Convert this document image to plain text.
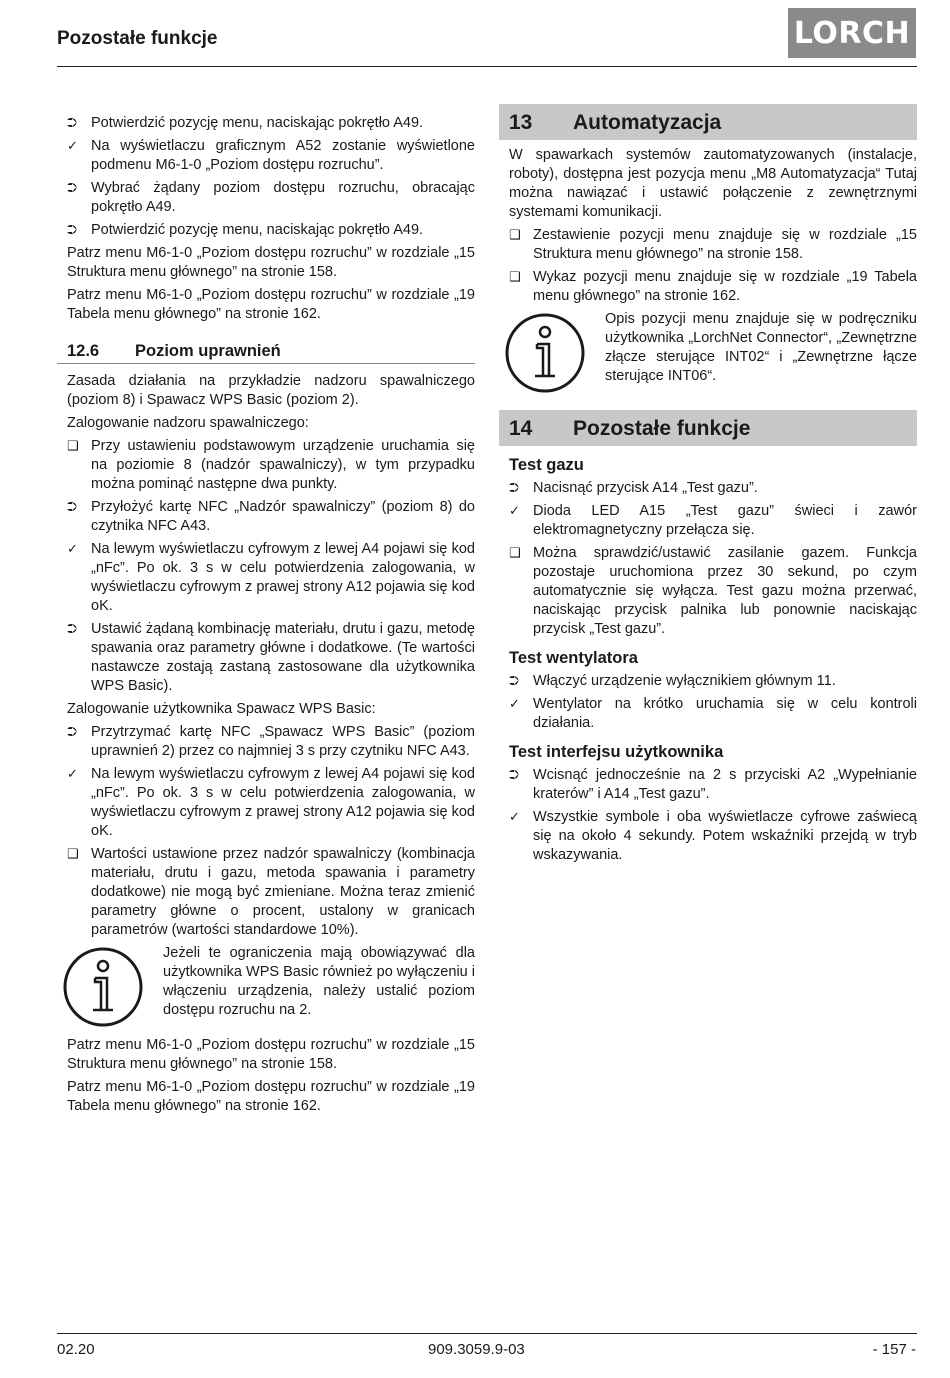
Pozostałe funkcje	LORCH
⮊ Potwierdzić pozycję menu, naciskając pokrętło A49.
✓ Na wyświetlaczu graficznym A52 zostanie wyświetlone podmenu M6-1-0 „Poziom dostępu rozruchu”.
⮊ Wybrać żądany poziom dostępu rozruchu, obracając pokrętło A49.
⮊ Potwierdzić pozycję menu, naciskając pokrętło A49.
Patrz menu M6-1-0 „Poziom dostępu rozruchu” w rozdziale „15 Struktura menu głównego” na stronie 158.
Patrz menu M6-1-0 „Poziom dostępu rozruchu” w rozdziale „19 Tabela menu głównego” na stronie 162.
12.6 Poziom uprawnień
Zasada działania na przykładzie nadzoru spawalniczego (poziom 8) i Spawacz WPS Basic (poziom 2).
Zalogowanie nadzoru spawalniczego:
❑ Przy ustawieniu podstawowym urządzenie uruchamia się na poziomie 8 (nadzór spawalniczy), w tym przypadku można pominąć następne dwa punkty.
⮊ Przyłożyć kartę NFC „Nadzór spawalniczy” (poziom 8) do czytnika NFC A43.
✓ Na lewym wyświetlaczu cyfrowym z lewej A4 pojawi się kod „nFc”. Po ok. 3 s w celu potwierdzenia zalogowania, w wyświetlaczu cyfrowym z prawej strony A12 pojawia się kod oK.
⮊ Ustawić żądaną kombinację materiału, drutu i gazu, metodę spawania oraz parametry główne i dodatkowe. (Te wartości nastawcze zostają zastaną zastosowane dla użytkownika WPS Basic).
Zalogowanie użytkownika Spawacz WPS Basic:
⮊ Przytrzymać kartę NFC „Spawacz WPS Basic” (poziom uprawnień 2) przez co najmniej 3 s przy czytniku NFC A43.
✓ Na lewym wyświetlaczu cyfrowym z lewej A4 pojawi się kod „nFc”. Po ok. 3 s w celu potwierdzenia zalogowania, w wyświetlaczu cyfrowym z prawej strony A12 pojawia się kod oK.
❑ Wartości ustawione przez nadzór spawalniczy (kombinacja materiału, drutu i gazu, metoda spawania i parametry dodatkowe) nie mogą być zmieniane. Można teraz zmienić parametry główne o procent, ustalony w granicach parametrów (wartości standardowe 10%).
Jeżeli te ograniczenia mają obowiązywać dla użytkownika WPS Basic również po wyłączeniu i włączeniu urządzenia, należy ustalić poziom dostępu rozruchu na 2.
Patrz menu M6-1-0 „Poziom dostępu rozruchu” w rozdziale „15 Struktura menu głównego” na stronie 158.
Patrz menu M6-1-0 „Poziom dostępu rozruchu” w rozdziale „19 Tabela menu głównego” na stronie 162.
13	Automatyzacja
W spawarkach systemów zautomatyzowanych (instalacje, roboty), dostępna jest pozycja menu „M8 Automatyzacja“ Tutaj można nawiązać i ustawić połączenie z zewnętrznymi systemami komunikacji.
❑ Zestawienie pozycji menu znajduje się w rozdziale „15 Struktura menu głównego” na stronie 158.
❑ Wykaz pozycji menu znajduje się w rozdziale „19 Tabela menu głównego” na stronie 162.
Opis pozycji menu znajduje się w podręczniku użytkownika „LorchNet Connector“, „Zewnętrzne złącze sterujące INT02“ i „Zewnętrzne łącze sterujące INT06“.
14	Pozostałe funkcje
Test gazu
⮊ Nacisnąć przycisk A14 „Test gazu”.
✓ Dioda LED A15 „Test gazu” świeci i zawór elektromagnetyczny przełącza się.
❑ Można sprawdzić/ustawić zasilanie gazem. Funkcja pozostaje uruchomiona przez 30 sekund, po czym automatycznie się wyłącza. Test gazu można przerwać, naciskając przycisk palnika lub ponownie naciskając przycisk „Test gazu”.
Test wentylatora
⮊ Włączyć urządzenie wyłącznikiem głównym 11.
✓ Wentylator na krótko uruchamia się w celu kontroli działania.
Test interfejsu użytkownika
⮊ Wcisnąć jednocześnie na 2 s przyciski A2 „Wypełnianie kraterów” i A14 „Test gazu”.
✓ Wszystkie symbole i oba wyświetlacze cyfrowe zaświecą się na około 4 sekundy. Potem wskaźniki przejdą w tryb wskazywania.
02.20	909.3059.9-03	- 157 -
